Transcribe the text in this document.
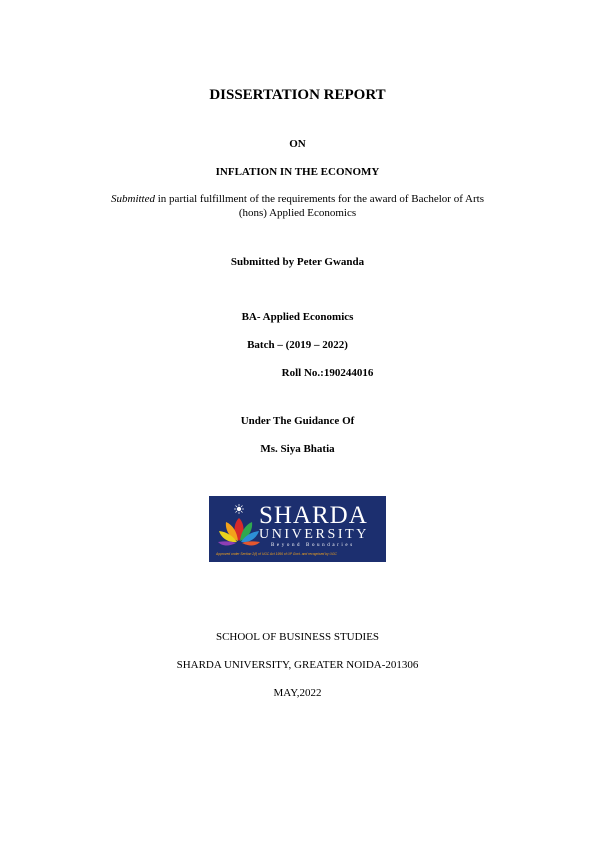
DISSERTATION REPORT
ON
INFLATION IN THE ECONOMY
Submitted in partial fulfillment of the requirements for the award of Bachelor of Arts
(hons) Applied Economics
Submitted by Peter Gwanda
BA- Applied Economics
Batch – (2019 – 2022)
Roll No.:190244016
Under The Guidance Of
Ms. Siya Bhatia
SHARDA
UNIVERSITY
Beyond Boundaries
Approved under Section 2(f) of UGC Act 1956 of UP Govt. and recognised by UGC
SCHOOL OF BUSINESS STUDIES
SHARDA UNIVERSITY, GREATER NOIDA-201306
MAY,2022
